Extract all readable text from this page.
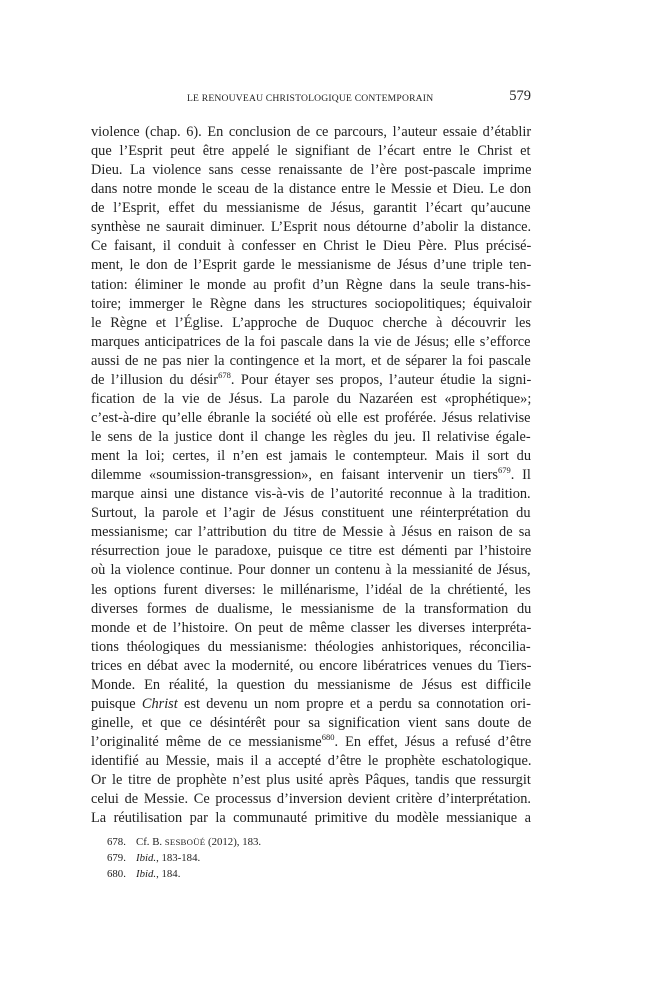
LE RENOUVEAU CHRISTOLOGIQUE CONTEMPORAIN	579
violence (chap. 6). En conclusion de ce parcours, l’auteur essaie d’établir
que l’Esprit peut être appelé le signifiant de l’écart entre le Christ et
Dieu. La violence sans cesse renaissante de l’ère post-pascale imprime
dans notre monde le sceau de la distance entre le Messie et Dieu. Le don
de l’Esprit, effet du messianisme de Jésus, garantit l’écart qu’aucune
synthèse ne saurait diminuer. L’Esprit nous détourne d’abolir la distance.
Ce faisant, il conduit à confesser en Christ le Dieu Père. Plus précisé-
ment, le don de l’Esprit garde le messianisme de Jésus d’une triple ten-
tation: éliminer le monde au profit d’un Règne dans la seule trans-his-
toire; immerger le Règne dans les structures sociopolitiques; équivaloir
le Règne et l’Église. L’approche de Duquoc cherche à découvrir les
marques anticipatrices de la foi pascale dans la vie de Jésus; elle s’efforce
aussi de ne pas nier la contingence et la mort, et de séparer la foi pascale
de l’illusion du désir$^{678}$. Pour étayer ses propos, l’auteur étudie la signi-
fication de la vie de Jésus. La parole du Nazaréen est «prophétique»;
c’est-à-dire qu’elle ébranle la société où elle est proférée. Jésus relativise
le sens de la justice dont il change les règles du jeu. Il relativise égale-
ment la loi; certes, il n’en est jamais le contempteur. Mais il sort du
dilemme «soumission-transgression», en faisant intervenir un tiers$^{679}$. Il
marque ainsi une distance vis-à-vis de l’autorité reconnue à la tradition.
Surtout, la parole et l’agir de Jésus constituent une réinterprétation du
messianisme; car l’attribution du titre de Messie à Jésus en raison de sa
résurrection joue le paradoxe, puisque ce titre est démenti par l’histoire
où la violence continue. Pour donner un contenu à la messianité de Jésus,
les options furent diverses: le millénarisme, l’idéal de la chrétienté, les
diverses formes de dualisme, le messianisme de la transformation du
monde et de l’histoire. On peut de même classer les diverses interpréta-
tions théologiques du messianisme: théologies anhistoriques, réconcilia-
trices en débat avec la modernité, ou encore libératrices venues du Tiers-
Monde. En réalité, la question du messianisme de Jésus est difficile
puisque Christ est devenu un nom propre et a perdu sa connotation ori-
ginelle, et que ce désintérêt pour sa signification vient sans doute de
l’originalité même de ce messianisme$^{680}$. En effet, Jésus a refusé d’être
identifié au Messie, mais il a accepté d’être le prophète eschatologique.
Or le titre de prophète n’est plus usité après Pâques, tandis que ressurgit
celui de Messie. Ce processus d’inversion devient critère d’interprétation.
La réutilisation par la communauté primitive du modèle messianique a
678. Cf. B. SESBOÜÉ (2012), 183.
679. Ibid., 183-184.
680. Ibid., 184.
